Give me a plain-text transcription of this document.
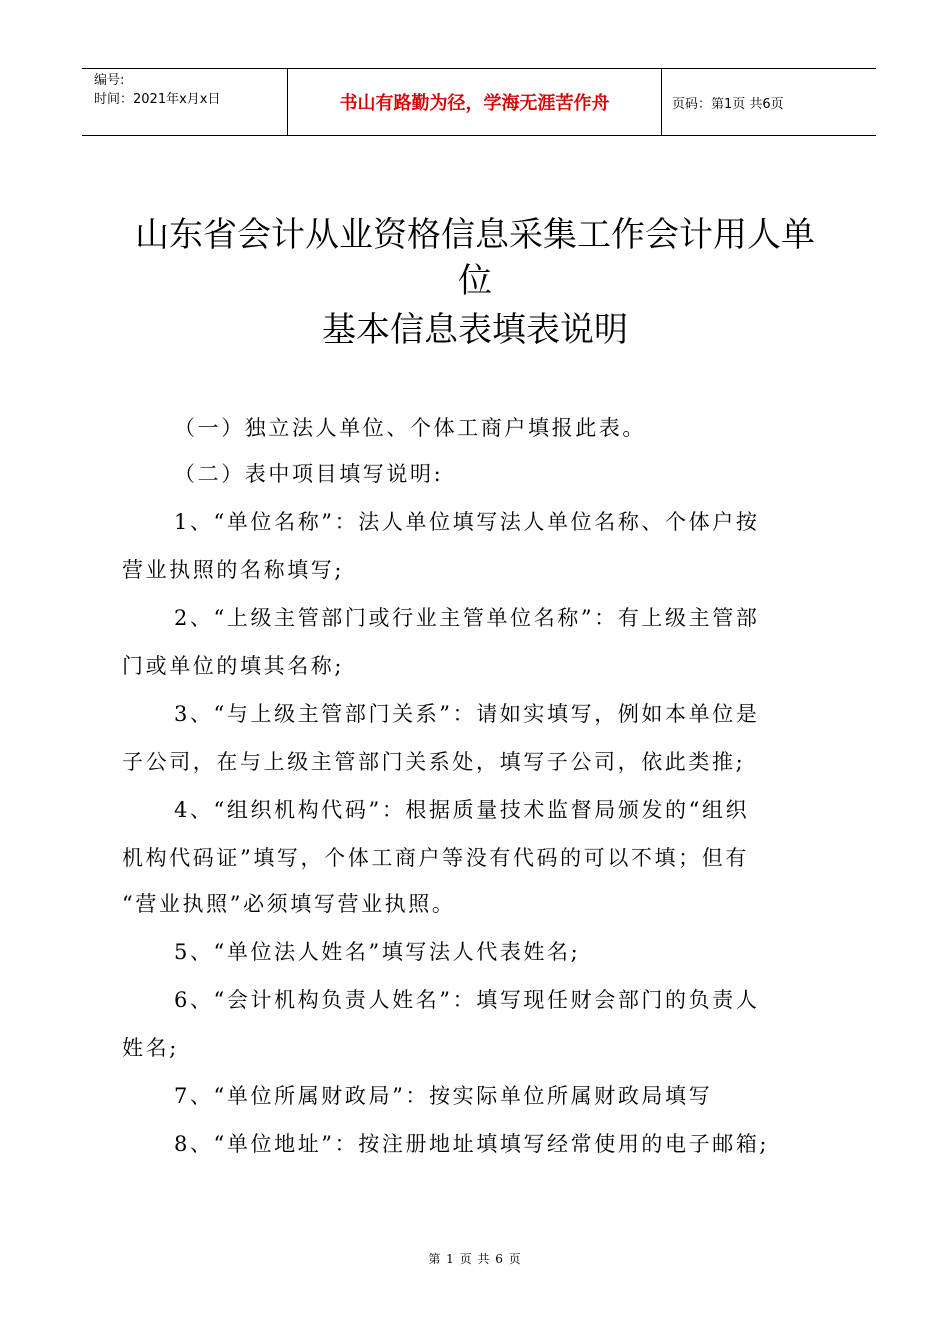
编号:
时间：2021年x月x日	书山有路勤为径，学海无涯苦作舟	页码：第1页 共6页
山东省会计从业资格信息采集工作会计用人单
位
基本信息表填表说明
（一）独立法人单位、个体工商户填报此表。
（二）表中项目填写说明:
1、“单位名称”：法人单位填写法人单位名称、个体户按
营业执照的名称填写;
2、“上级主管部门或行业主管单位名称”：有上级主管部
门或单位的填其名称;
3、“与上级主管部门关系”：请如实填写，例如本单位是
子公司，在与上级主管部门关系处，填写子公司，依此类推;
4、“组织机构代码”：根据质量技术监督局颁发的“组织
机构代码证”填写，个体工商户等没有代码的可以不填；但有
“营业执照”必须填写营业执照。
5、“单位法人姓名”填写法人代表姓名;
6、“会计机构负责人姓名”：填写现任财会部门的负责人
姓名;
7、“单位所属财政局”：按实际单位所属财政局填写
8、“单位地址”：按注册地址填填写经常使用的电子邮箱;
第 1 页 共 6 页
